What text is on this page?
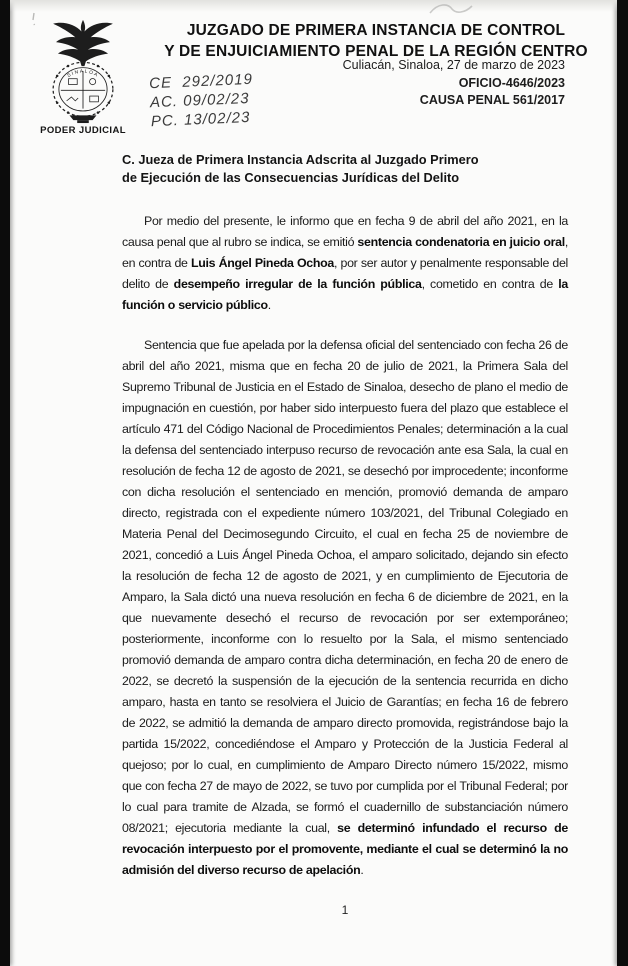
SINALOA
PODER JUDICIAL
JUZGADO DE PRIMERA INSTANCIA DE CONTROL
Y DE ENJUICIAMIENTO PENAL DE LA REGIÓN CENTRO
Culiacán, Sinaloa, 27 de marzo de 2023
OFICIO-4646/2023
CAUSA PENAL 561/2017
CE  292/2019
AC. 09/02/23
PC. 13/02/23
C. Jueza de Primera Instancia Adscrita al Juzgado Primero
de Ejecución de las Consecuencias Jurídicas del Delito

Por medio del presente, le informo que en fecha 9 de abril del año 2021, en la causa penal que al rubro se indica, se emitió sentencia condenatoria en juicio oral, en contra de Luis Ángel Pineda Ochoa, por ser autor y penalmente responsable del delito de desempeño irregular de la función pública, cometido en contra de la función o servicio público.

Sentencia que fue apelada por la defensa oficial del sentenciado con fecha 26 de abril del año 2021, misma que en fecha 20 de julio de 2021, la Primera Sala del Supremo Tribunal de Justicia en el Estado de Sinaloa, desecho de plano el medio de impugnación en cuestión, por haber sido interpuesto fuera del plazo que establece el artículo 471 del Código Nacional de Procedimientos Penales; determinación a la cual la defensa del sentenciado interpuso recurso de revocación ante esa Sala, la cual en resolución de fecha 12 de agosto de 2021, se desechó por improcedente; inconforme con dicha resolución el sentenciado en mención, promovió demanda de amparo directo, registrada con el expediente número 103/2021, del Tribunal Colegiado en Materia Penal del Decimosegundo Circuito, el cual en fecha 25 de noviembre de 2021, concedió a Luis Ángel Pineda Ochoa, el amparo solicitado, dejando sin efecto la resolución de fecha 12 de agosto de 2021, y en cumplimiento de Ejecutoria de Amparo, la Sala dictó una nueva resolución en fecha 6 de diciembre de 2021, en la que nuevamente desechó el recurso de revocación por ser extemporáneo; posteriormente, inconforme con lo resuelto por la Sala, el mismo sentenciado promovió demanda de amparo contra dicha determinación, en fecha 20 de enero de 2022, se decretó la suspensión de la ejecución de la sentencia recurrida en dicho amparo, hasta en tanto se resolviera el Juicio de Garantías; en fecha 16 de febrero de 2022, se admitió la demanda de amparo directo promovida, registrándose bajo la partida 15/2022, concediéndose el Amparo y Protección de la Justicia Federal al quejoso; por lo cual, en cumplimiento de Amparo Directo número 15/2022, mismo que con fecha 27 de mayo de 2022, se tuvo por cumplida por el Tribunal Federal; por lo cual para tramite de Alzada, se formó el cuadernillo de substanciación número 08/2021; ejecutoria mediante la cual, se determinó infundado el recurso de revocación interpuesto por el promovente, mediante el cual se determinó la no admisión del diverso recurso de apelación.

1
